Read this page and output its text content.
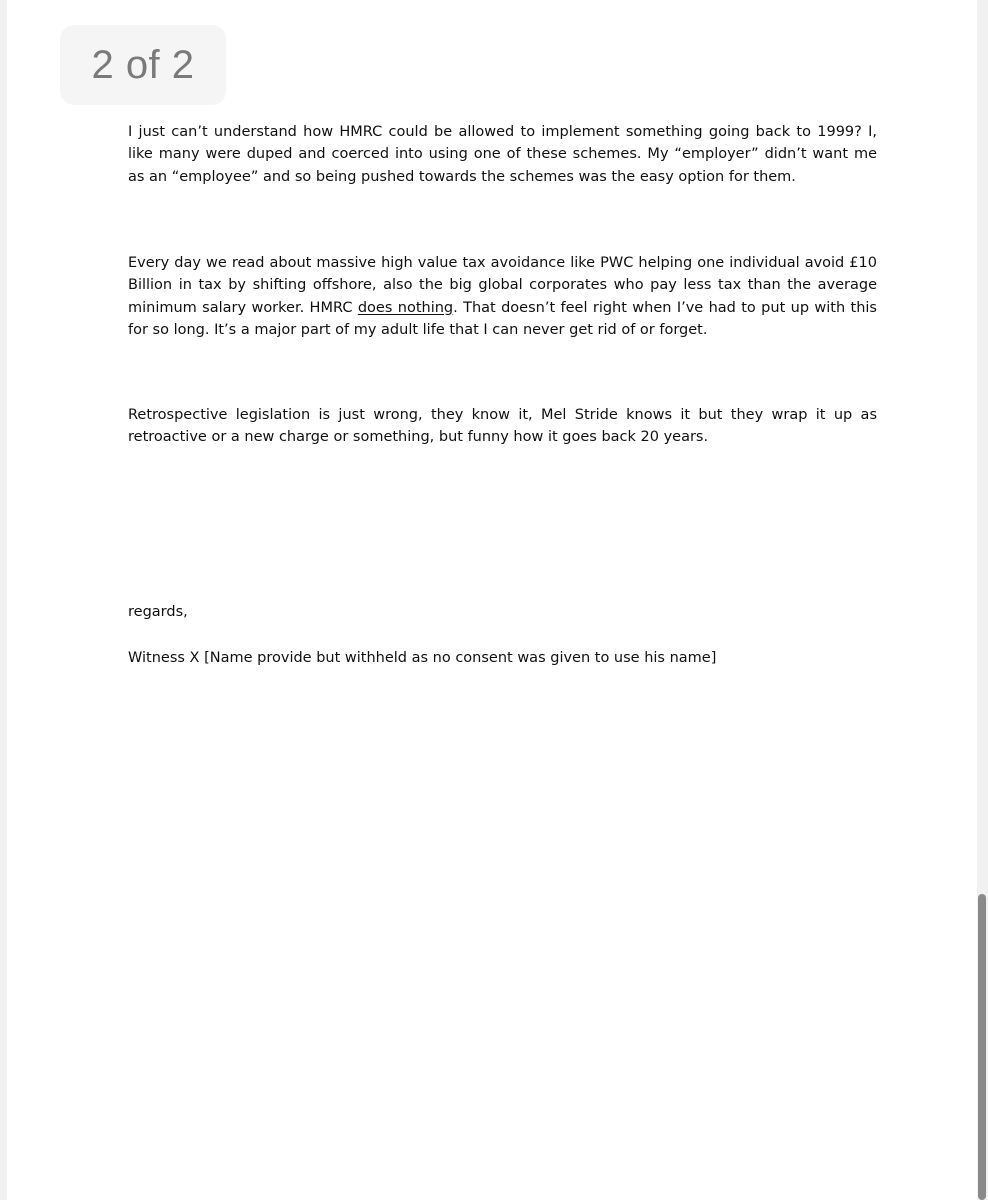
2 of 2

I just can’t understand how HMRC could be allowed to implement something going back to 1999? I, like many were duped and coerced into using one of these schemes. My “employer” didn’t want me as an “employee” and so being pushed towards the schemes was the easy option for them.

Every day we read about massive high value tax avoidance like PWC helping one individual avoid £10 Billion in tax by shifting offshore, also the big global corporates who pay less tax than the average minimum salary worker. HMRC does nothing. That doesn’t feel right when I’ve had to put up with this for so long. It’s a major part of my adult life that I can never get rid of or forget.

Retrospective legislation is just wrong, they know it, Mel Stride knows it but they wrap it up as retroactive or a new charge or something, but funny how it goes back 20 years.

regards,

Witness X [Name provide but withheld as no consent was given to use his name]
